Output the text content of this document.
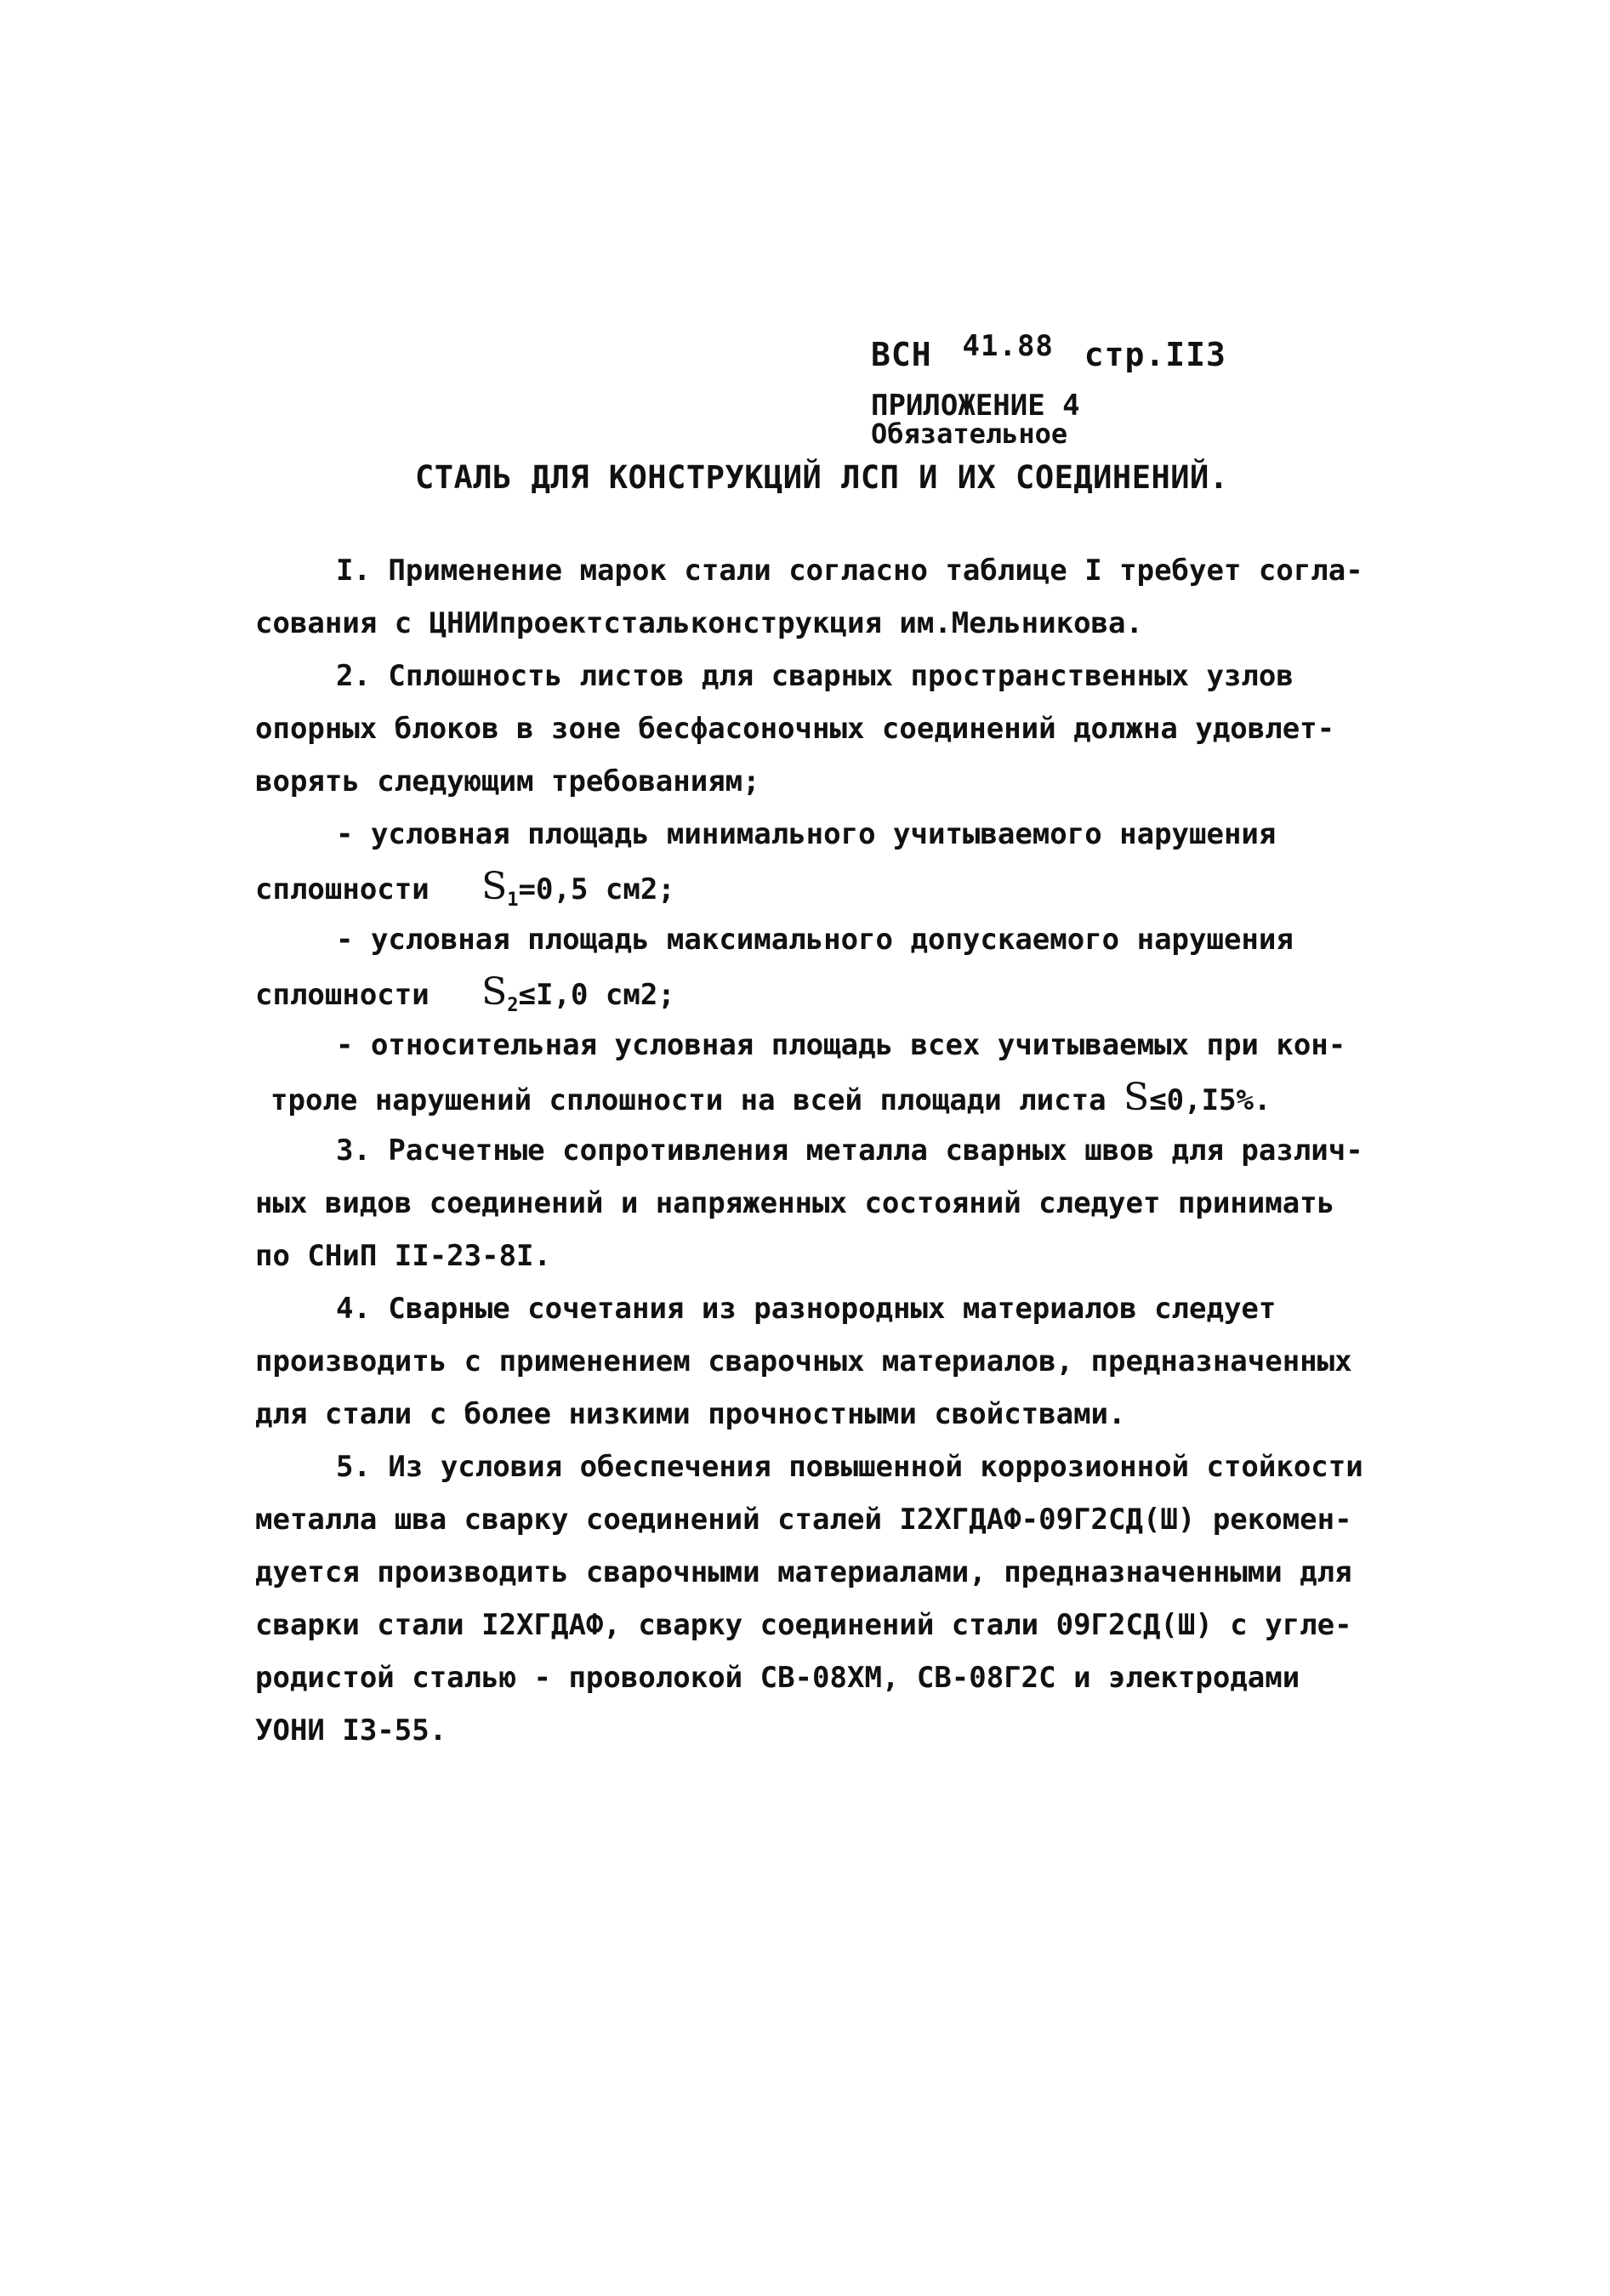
ВСН 41.88 стр.II3
ПРИЛОЖЕНИЕ 4
Обязательное
СТАЛЬ ДЛЯ КОНСТРУКЦИЙ ЛСП И ИХ СОЕДИНЕНИЙ.
I. Применение марок стали согласно таблице I требует согла-
сования с ЦНИИпроектстальконструкция им.Мельникова.
2. Сплошность листов для сварных пространственных узлов
опорных блоков в зоне бесфасоночных соединений должна удовлет-
ворять следующим требованиям;
- условная площадь минимального учитываемого нарушения
сплошности $S_1=0,5$ см2;
- условная площадь максимального допускаемого нарушения
сплошности $S_2\le I,0$ см2;
- относительная условная площадь всех учитываемых при кон-
троле нарушений сплошности на всей площади листа S≤0,I5%.
3. Расчетные сопротивления металла сварных швов для различ-
ных видов соединений и напряженных состояний следует принимать
по СНиП II-23-8I.
4. Сварные сочетания из разнородных материалов следует
производить с применением сварочных материалов, предназначенных
для стали с более низкими прочностными свойствами.
5. Из условия обеспечения повышенной коррозионной стойкости
металла шва сварку соединений сталей I2ХГДАФ-09Г2СД(Ш) рекомен-
дуется производить сварочными материалами, предназначенными для
сварки стали I2ХГДАФ, сварку соединений стали 09Г2СД(Ш) с угле-
родистой сталью - проволокой СВ-08ХМ, СВ-08Г2С и электродами
УОНИ I3-55.
